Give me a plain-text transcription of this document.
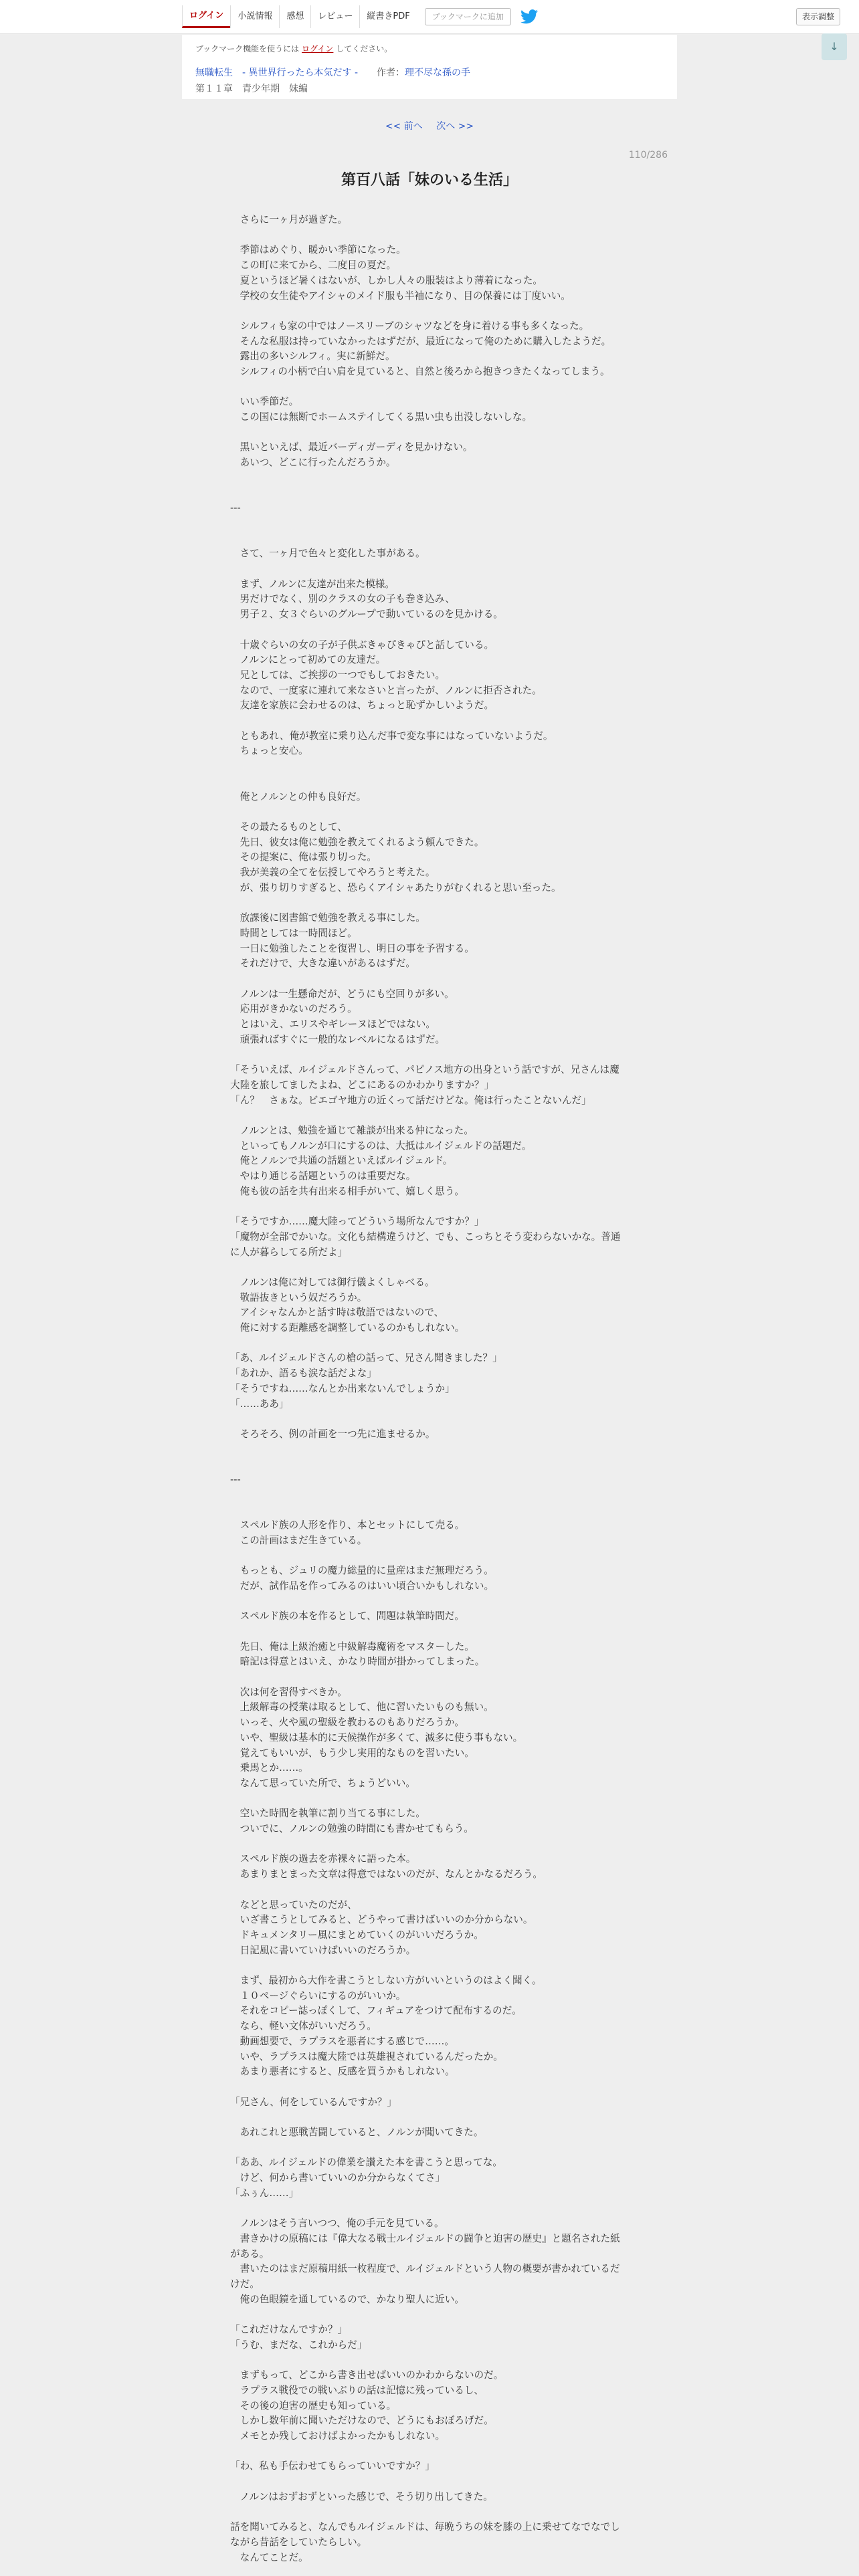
ログイン	小説情報	感想	レビュー	縦書きPDF	ブックマークに追加	表示調整
↓
ブックマーク機能を使うには ログイン してください。
無職転生　- 異世界行ったら本気だす - 作者：理不尽な孫の手
第１１章　青少年期　妹編
<< 前へ 次へ >>
110/286
第百八話「妹のいる生活」

　さらに一ヶ月が過ぎた。

　季節はめぐり、暖かい季節になった。

　この町に来てから、二度目の夏だ。

　夏というほど暑くはないが、しかし人々の服装はより薄着になった。

　学校の女生徒やアイシャのメイド服も半袖になり、目の保養には丁度いい。

　シルフィも家の中ではノースリーブのシャツなどを身に着ける事も多くなった。

　そんな私服は持っていなかったはずだが、最近になって俺のために購入したようだ。

　露出の多いシルフィ。実に新鮮だ。

　シルフィの小柄で白い肩を見ていると、自然と後ろから抱きつきたくなってしまう。

　いい季節だ。

　この国には無断でホームステイしてくる黒い虫も出没しないしな。

　黒いといえば、最近バーディガーディを見かけない。

　あいつ、どこに行ったんだろうか。

---

　さて、一ヶ月で色々と変化した事がある。

　まず、ノルンに友達が出来た模様。

　男だけでなく、別のクラスの女の子も巻き込み、

　男子２、女３ぐらいのグループで動いているのを見かける。

　十歳ぐらいの女の子が子供ぶきゃぴきゃぴと話している。

　ノルンにとって初めての友達だ。

　兄としては、ご挨拶の一つでもしておきたい。

　なので、一度家に連れて来なさいと言ったが、ノルンに拒否された。

　友達を家族に会わせるのは、ちょっと恥ずかしいようだ。

　ともあれ、俺が教室に乗り込んだ事で変な事にはなっていないようだ。

　ちょっと安心。

　俺とノルンとの仲も良好だ。

　その最たるものとして、

　先日、彼女は俺に勉強を教えてくれるよう頼んできた。

　その提案に、俺は張り切った。

　我が美義の全てを伝授してやろうと考えた。

　が、張り切りすぎると、恐らくアイシャあたりがむくれると思い至った。

　放課後に図書館で勉強を教える事にした。

　時間としては一時間ほど。

　一日に勉強したことを復習し、明日の事を予習する。

　それだけで、大きな違いがあるはずだ。

　ノルンは一生懸命だが、どうにも空回りが多い。

　応用がきかないのだろう。

　とはいえ、エリスやギレーヌほどではない。

　頑張ればすぐに一般的なレベルになるはずだ。

「そういえば、ルイジェルドさんって、パピノス地方の出身という話ですが、兄さんは魔大陸を旅してましたよね、どこにあるのかわかりますか？」

「ん？　さぁな。ビエゴヤ地方の近くって話だけどな。俺は行ったことないんだ」

　ノルンとは、勉強を通じて雑談が出来る仲になった。

　といってもノルンが口にするのは、大抵はルイジェルドの話題だ。

　俺とノルンで共通の話題といえばルイジェルド。

　やはり通じる話題というのは重要だな。

　俺も彼の話を共有出来る相手がいて、嬉しく思う。

「そうですか……魔大陸ってどういう場所なんですか？」

「魔物が全部でかいな。文化も結構違うけど、でも、こっちとそう変わらないかな。普通に人が暮らしてる所だよ」

　ノルンは俺に対しては御行儀よくしゃべる。

　敬語抜きという奴だろうか。

　アイシャなんかと話す時は敬語ではないので、

　俺に対する距離感を調整しているのかもしれない。

「あ、ルイジェルドさんの槍の話って、兄さん聞きました？」

「あれか、語るも涙な話だよな」

「そうですね……なんとか出来ないんでしょうか」

「……ああ」

　そろそろ、例の計画を一つ先に進ませるか。

---

　スペルド族の人形を作り、本とセットにして売る。

　この計画はまだ生きている。

　もっとも、ジュリの魔力総量的に量産はまだ無理だろう。

　だが、試作品を作ってみるのはいい頃合いかもしれない。

　スペルド族の本を作るとして、問題は執筆時間だ。

　先日、俺は上級治癒と中級解毒魔術をマスターした。

　暗記は得意とはいえ、かなり時間が掛かってしまった。

　次は何を習得すべきか。

　上級解毒の授業は取るとして、他に習いたいものも無い。

　いっそ、火や風の聖級を教わるのもありだろうか。

　いや、聖級は基本的に天候操作が多くて、滅多に使う事もない。

　覚えてもいいが、もう少し実用的なものを習いたい。

　乗馬とか……。

　なんて思っていた所で、ちょうどいい。

　空いた時間を執筆に割り当てる事にした。

　ついでに、ノルンの勉強の時間にも書かせてもらう。

　スペルド族の過去を赤裸々に語った本。

　あまりまとまった文章は得意ではないのだが、なんとかなるだろう。

　などと思っていたのだが、

　いざ書こうとしてみると、どうやって書けばいいのか分からない。

　ドキュメンタリー風にまとめていくのがいいだろうか。

　日記風に書いていけばいいのだろうか。

　まず、最初から大作を書こうとしない方がいいというのはよく聞く。

　１０ページぐらいにするのがいいか。

　それをコピー誌っぽくして、フィギュアをつけて配布するのだ。

　なら、軽い文体がいいだろう。

　動画想要で、ラプラスを悪者にする感じで……。

　いや、ラプラスは魔大陸では英雄視されているんだったか。

　あまり悪者にすると、反感を買うかもしれない。

「兄さん、何をしているんですか？」

　あれこれと悪戦苦闘していると、ノルンが聞いてきた。

「ああ、ルイジェルドの偉業を讃えた本を書こうと思ってな。

　けど、何から書いていいのか分からなくてさ」

「ふぅん……」

　ノルンはそう言いつつ、俺の手元を見ている。

　書きかけの原稿には『偉大なる戦士ルイジェルドの闘争と迫害の歴史』と題名された紙がある。

　書いたのはまだ原稿用紙一枚程度で、ルイジェルドという人物の概要が書かれているだけだ。

　俺の色眼鏡を通しているので、かなり聖人に近い。

「これだけなんですか？」

「うむ、まだな、これからだ」

　まずもって、どこから書き出せばいいのかわからないのだ。

　ラプラス戦役での戦いぶりの話は記憶に残っているし、

　その後の迫害の歴史も知っている。

　しかし数年前に聞いただけなので、どうにもおぼろげだ。

　メモとか残しておけばよかったかもしれない。

「わ、私も手伝わせてもらっていいですか？」

　ノルンはおずおずといった感じで、そう切り出してきた。

話を聞いてみると、なんでもルイジェルドは、毎晩うちの妹を膝の上に乗せてなでなでしながら昔話をしていたらしい。

　なんてことだ。
